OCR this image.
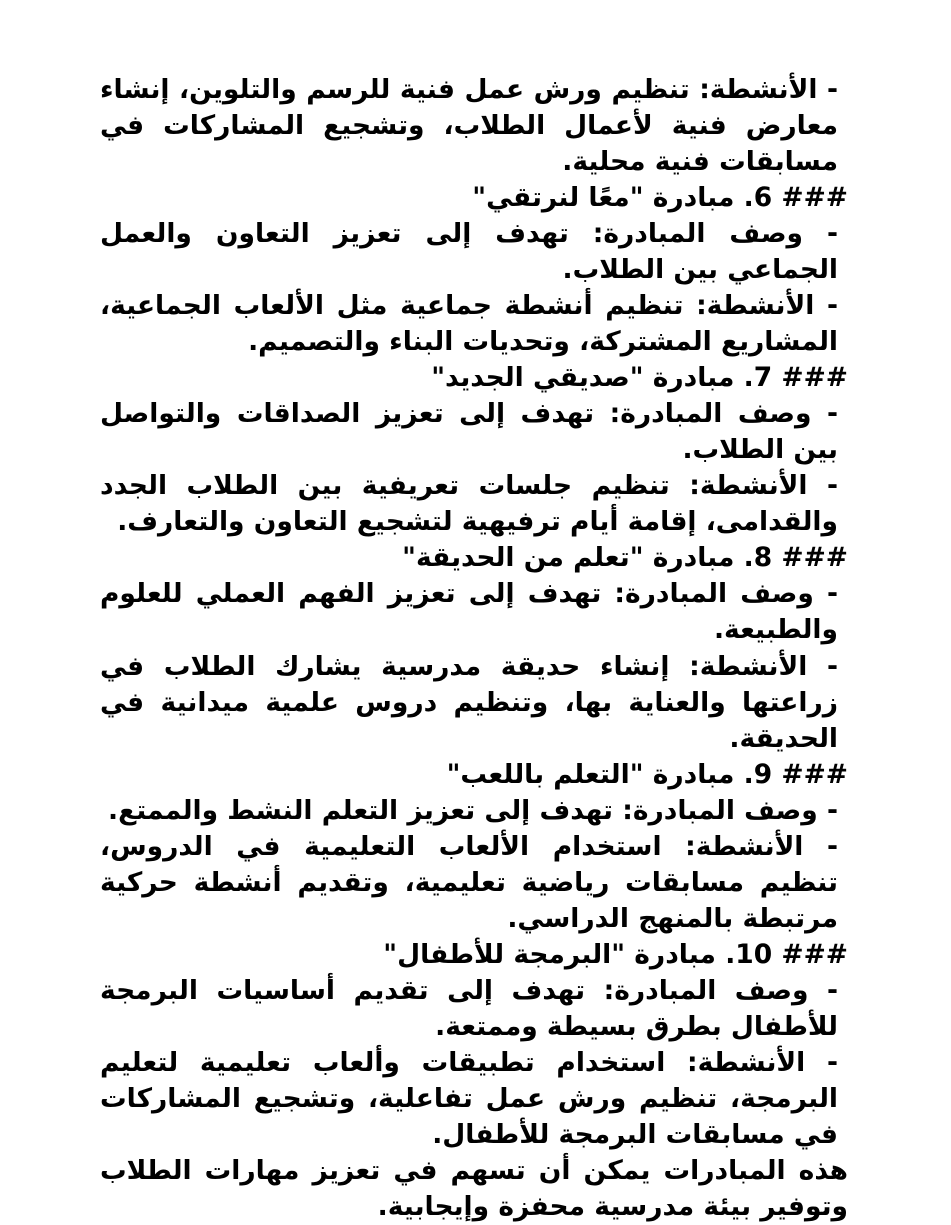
- الأنشطة: تنظيم ورش عمل فنية للرسم والتلوين، إنشاء معارض فنية لأعمال الطلاب، وتشجيع المشاركات في مسابقات فنية محلية.

### 6. مبادرة "معًا لنرتقي"

- وصف المبادرة: تهدف إلى تعزيز التعاون والعمل الجماعي بين الطلاب.

- الأنشطة: تنظيم أنشطة جماعية مثل الألعاب الجماعية، المشاريع المشتركة، وتحديات البناء والتصميم.

### 7. مبادرة "صديقي الجديد"

- وصف المبادرة: تهدف إلى تعزيز الصداقات والتواصل بين الطلاب.

- الأنشطة: تنظيم جلسات تعريفية بين الطلاب الجدد والقدامى، إقامة أيام ترفيهية لتشجيع التعاون والتعارف.

### 8. مبادرة "تعلم من الحديقة"

- وصف المبادرة: تهدف إلى تعزيز الفهم العملي للعلوم والطبيعة.

- الأنشطة: إنشاء حديقة مدرسية يشارك الطلاب في زراعتها والعناية بها، وتنظيم دروس علمية ميدانية في الحديقة.

### 9. مبادرة "التعلم باللعب"

- وصف المبادرة: تهدف إلى تعزيز التعلم النشط والممتع.

- الأنشطة: استخدام الألعاب التعليمية في الدروس، تنظيم مسابقات رياضية تعليمية، وتقديم أنشطة حركية مرتبطة بالمنهج الدراسي.

### 10. مبادرة "البرمجة للأطفال"

- وصف المبادرة: تهدف إلى تقديم أساسيات البرمجة للأطفال بطرق بسيطة وممتعة.

- الأنشطة: استخدام تطبيقات وألعاب تعليمية لتعليم البرمجة، تنظيم ورش عمل تفاعلية، وتشجيع المشاركات في مسابقات البرمجة للأطفال.

هذه المبادرات يمكن أن تسهم في تعزيز مهارات الطلاب وتوفير بيئة مدرسية محفزة وإيجابية.
